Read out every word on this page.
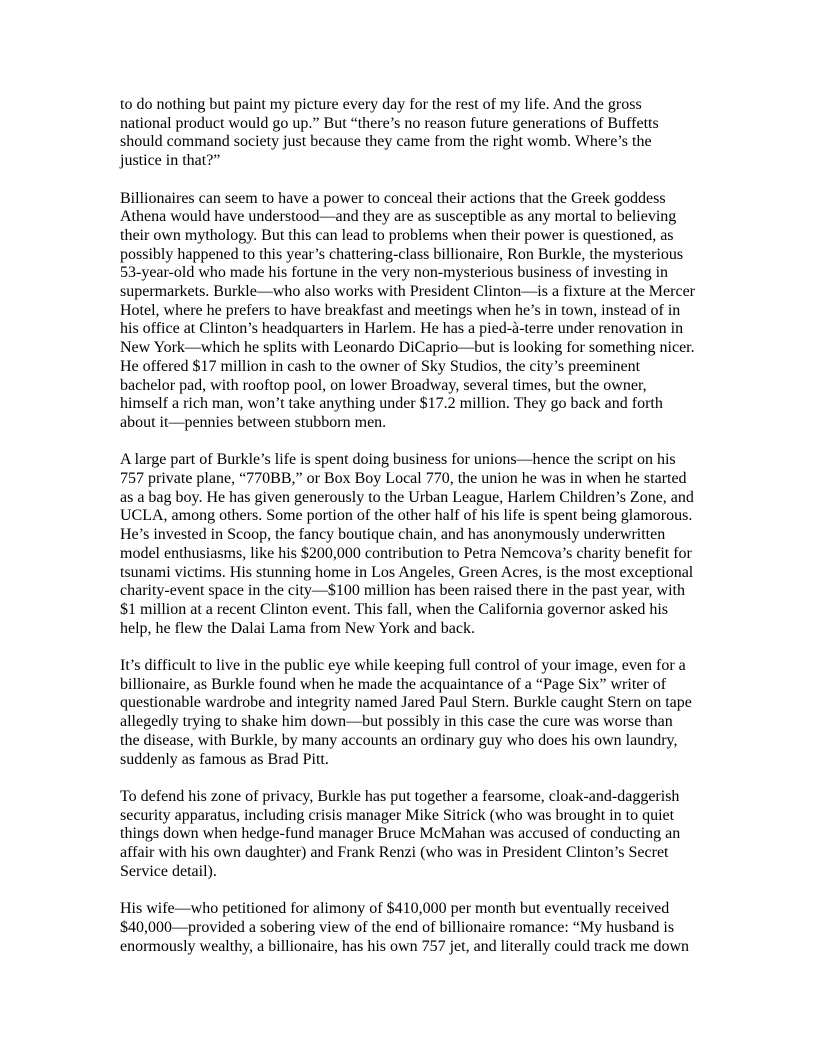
to do nothing but paint my picture every day for the rest of my life. And the gross national product would go up.” But “there’s no reason future generations of Buffetts should command society just because they came from the right womb. Where’s the justice in that?”

Billionaires can seem to have a power to conceal their actions that the Greek goddess Athena would have understood—and they are as susceptible as any mortal to believing their own mythology. But this can lead to problems when their power is questioned, as possibly happened to this year’s chattering-class billionaire, Ron Burkle, the mysterious 53-year-old who made his fortune in the very non-mysterious business of investing in supermarkets. Burkle—who also works with President Clinton—is a fixture at the Mercer Hotel, where he prefers to have breakfast and meetings when he’s in town, instead of in his office at Clinton’s headquarters in Harlem. He has a pied-à-terre under renovation in New York—which he splits with Leonardo DiCaprio—but is looking for something nicer. He offered $17 million in cash to the owner of Sky Studios, the city’s preeminent bachelor pad, with rooftop pool, on lower Broadway, several times, but the owner, himself a rich man, won’t take anything under $17.2 million. They go back and forth about it—pennies between stubborn men.

A large part of Burkle’s life is spent doing business for unions—hence the script on his 757 private plane, “770BB,” or Box Boy Local 770, the union he was in when he started as a bag boy. He has given generously to the Urban League, Harlem Children’s Zone, and UCLA, among others. Some portion of the other half of his life is spent being glamorous. He’s invested in Scoop, the fancy boutique chain, and has anonymously underwritten model enthusiasms, like his $200,000 contribution to Petra Nemcova’s charity benefit for tsunami victims. His stunning home in Los Angeles, Green Acres, is the most exceptional charity-event space in the city—$100 million has been raised there in the past year, with $1 million at a recent Clinton event. This fall, when the California governor asked his help, he flew the Dalai Lama from New York and back.

It’s difficult to live in the public eye while keeping full control of your image, even for a billionaire, as Burkle found when he made the acquaintance of a “Page Six” writer of questionable wardrobe and integrity named Jared Paul Stern. Burkle caught Stern on tape allegedly trying to shake him down—but possibly in this case the cure was worse than the disease, with Burkle, by many accounts an ordinary guy who does his own laundry, suddenly as famous as Brad Pitt.

To defend his zone of privacy, Burkle has put together a fearsome, cloak-and-daggerish security apparatus, including crisis manager Mike Sitrick (who was brought in to quiet things down when hedge-fund manager Bruce McMahan was accused of conducting an affair with his own daughter) and Frank Renzi (who was in President Clinton’s Secret Service detail).

His wife—who petitioned for alimony of $410,000 per month but eventually received $40,000—provided a sobering view of the end of billionaire romance: “My husband is enormously wealthy, a billionaire, has his own 757 jet, and literally could track me down
